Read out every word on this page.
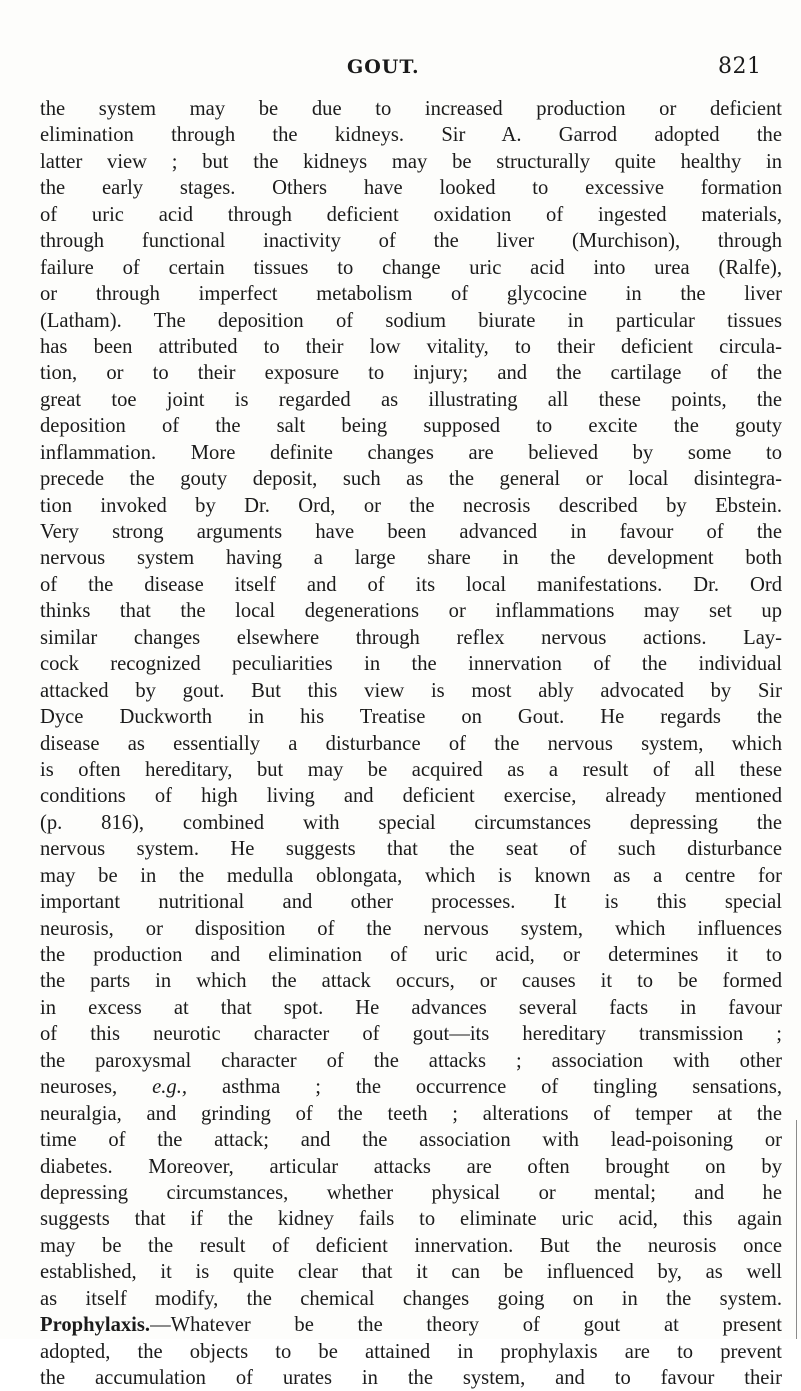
GOUT.	821
the system may be due to increased production or deficient
elimination through the kidneys. Sir A. Garrod adopted the
latter view ; but the kidneys may be structurally quite healthy in
the early stages. Others have looked to excessive formation
of uric acid through deficient oxidation of ingested materials,
through functional inactivity of the liver (Murchison), through
failure of certain tissues to change uric acid into urea (Ralfe),
or through imperfect metabolism of glycocine in the liver
(Latham). The deposition of sodium biurate in particular tissues
has been attributed to their low vitality, to their deficient circula-
tion, or to their exposure to injury; and the cartilage of the
great toe joint is regarded as illustrating all these points, the
deposition of the salt being supposed to excite the gouty
inflammation. More definite changes are believed by some to
precede the gouty deposit, such as the general or local disintegra-
tion invoked by Dr. Ord, or the necrosis described by Ebstein.
Very strong arguments have been advanced in favour of the
nervous system having a large share in the development both
of the disease itself and of its local manifestations. Dr. Ord
thinks that the local degenerations or inflammations may set up
similar changes elsewhere through reflex nervous actions. Lay-
cock recognized peculiarities in the innervation of the individual
attacked by gout. But this view is most ably advocated by Sir
Dyce Duckworth in his Treatise on Gout. He regards the
disease as essentially a disturbance of the nervous system, which
is often hereditary, but may be acquired as a result of all these
conditions of high living and deficient exercise, already mentioned
(p. 816), combined with special circumstances depressing the
nervous system. He suggests that the seat of such disturbance
may be in the medulla oblongata, which is known as a centre for
important nutritional and other processes. It is this special
neurosis, or disposition of the nervous system, which influences
the production and elimination of uric acid, or determines it to
the parts in which the attack occurs, or causes it to be formed
in excess at that spot. He advances several facts in favour
of this neurotic character of gout—its hereditary transmission ;
the paroxysmal character of the attacks ; association with other
neuroses, e.g., asthma ; the occurrence of tingling sensations,
neuralgia, and grinding of the teeth ; alterations of temper at the
time of the attack; and the association with lead-poisoning or
diabetes. Moreover, articular attacks are often brought on by
depressing circumstances, whether physical or mental; and he
suggests that if the kidney fails to eliminate uric acid, this again
may be the result of deficient innervation. But the neurosis once
established, it is quite clear that it can be influenced by, as well
as itself modify, the chemical changes going on in the system.
Prophylaxis.—Whatever be the theory of gout at present
adopted, the objects to be attained in prophylaxis are to prevent
the accumulation of urates in the system, and to favour their
